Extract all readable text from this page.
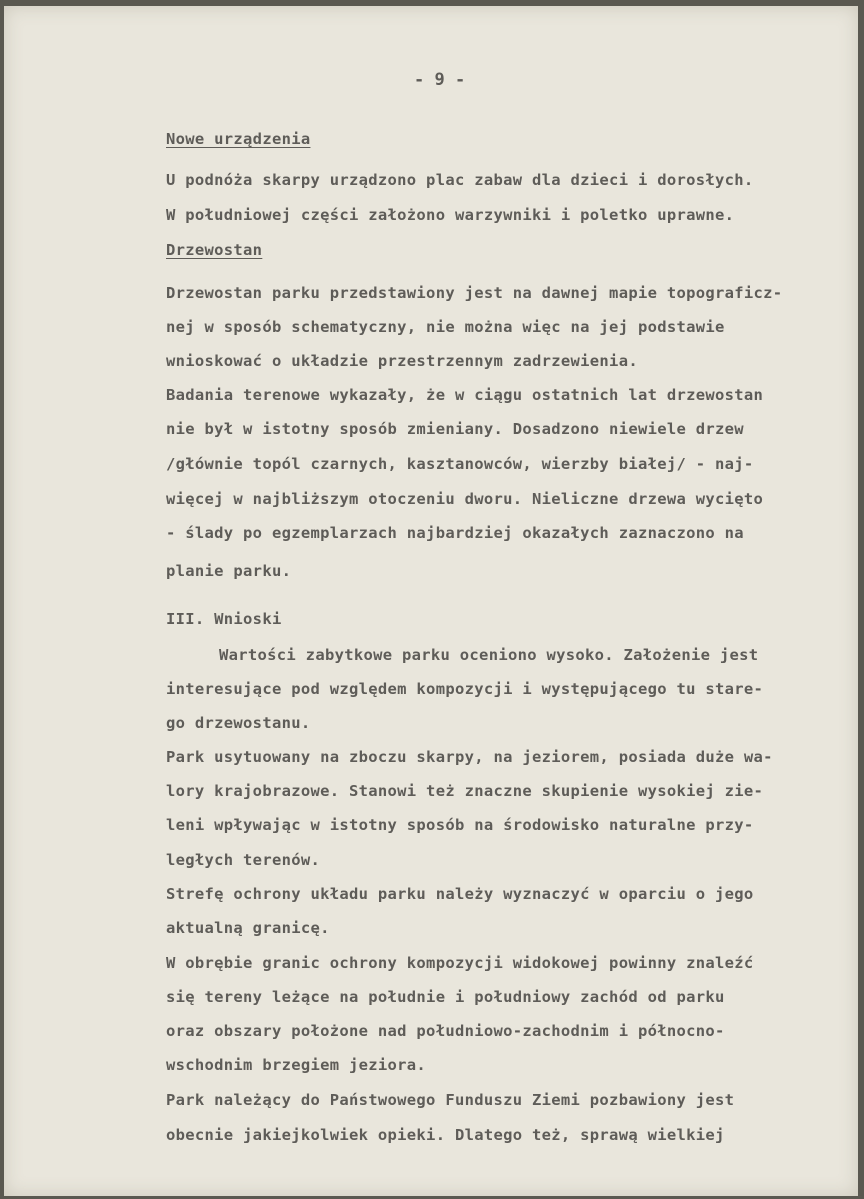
- 9 -
Nowe urządzenia
U podnóża skarpy urządzono plac zabaw dla dzieci i dorosłych.
W południowej części założono warzywniki i poletko uprawne.
Drzewostan
Drzewostan parku przedstawiony jest na dawnej mapie topograficz-
nej w sposób schematyczny, nie można więc na jej podstawie
wnioskować o układzie przestrzennym zadrzewienia.
Badania terenowe wykazały, że w ciągu ostatnich lat drzewostan
nie był w istotny sposób zmieniany. Dosadzono niewiele drzew
/głównie topól czarnych, kasztanowców, wierzby białej/ - naj-
więcej w najbliższym otoczeniu dworu. Nieliczne drzewa wycięto
- ślady po egzemplarzach najbardziej okazałych zaznaczono na
planie parku.
III. Wnioski
Wartości zabytkowe parku oceniono wysoko. Założenie jest
interesujące pod względem kompozycji i występującego tu stare-
go drzewostanu.
Park usytuowany na zboczu skarpy, na jeziorem, posiada duże wa-
lory krajobrazowe. Stanowi też znaczne skupienie wysokiej zie-
leni wpływając w istotny sposób na środowisko naturalne przy-
ległych terenów.
Strefę ochrony układu parku należy wyznaczyć w oparciu o jego
aktualną granicę.
W obrębie granic ochrony kompozycji widokowej powinny znaleźć
się tereny leżące na południe i południowy zachód od parku
oraz obszary położone nad południowo-zachodnim i północno-
wschodnim brzegiem jeziora.
Park należący do Państwowego Funduszu Ziemi pozbawiony jest
obecnie jakiejkolwiek opieki. Dlatego też, sprawą wielkiej
